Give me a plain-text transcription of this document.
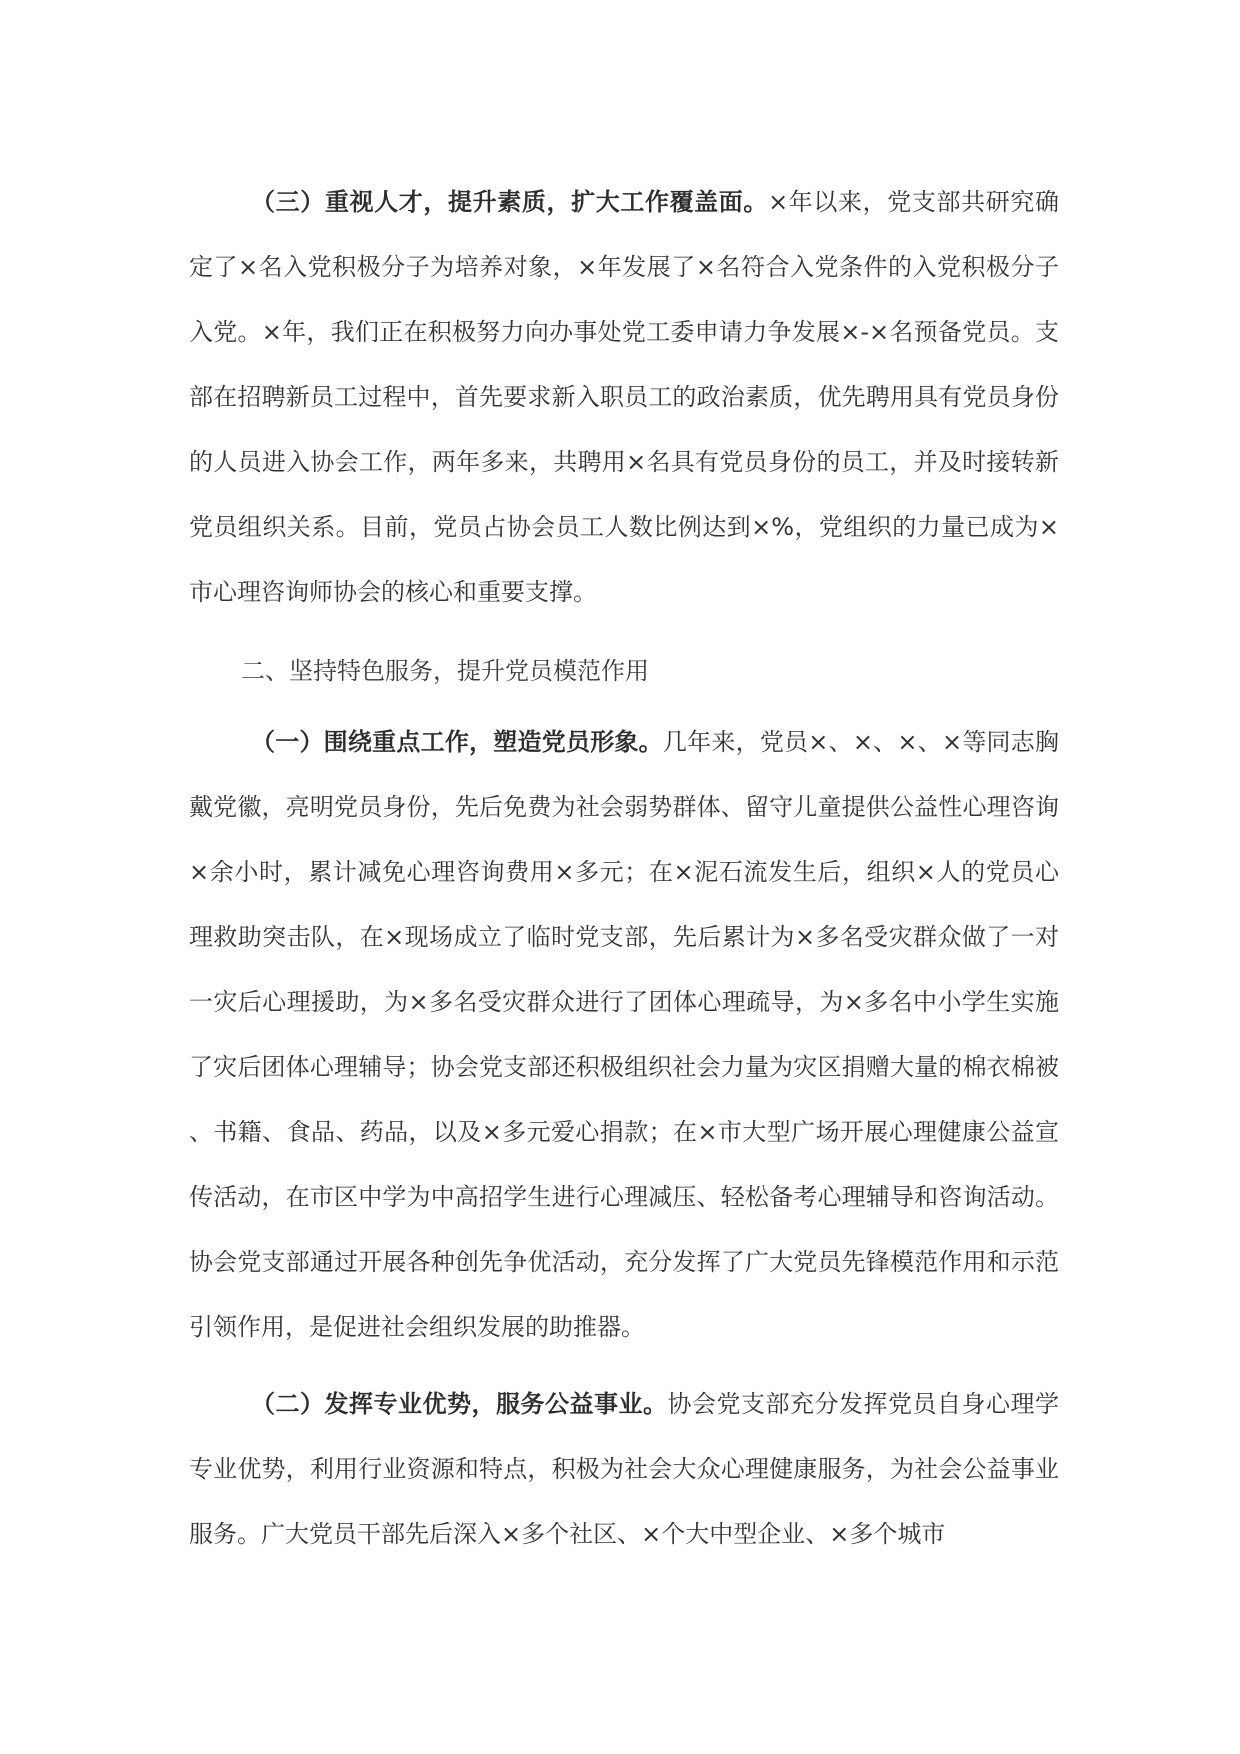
（三）重视人才，提升素质，扩大工作覆盖面。×年以来，党支部共研究确定了×名入党积极分子为培养对象，×年发展了×名符合入党条件的入党积极分子入党。×年，我们正在积极努力向办事处党工委申请力争发展×-×名预备党员。支部在招聘新员工过程中，首先要求新入职员工的政治素质，优先聘用具有党员身份的人员进入协会工作，两年多来，共聘用×名具有党员身份的员工，并及时接转新党员组织关系。目前，党员占协会员工人数比例达到×%，党组织的力量已成为×市心理咨询师协会的核心和重要支撑。

二、坚持特色服务，提升党员模范作用

（一）围绕重点工作，塑造党员形象。几年来，党员×、×、×、×等同志胸戴党徽，亮明党员身份，先后免费为社会弱势群体、留守儿童提供公益性心理咨询×余小时，累计减免心理咨询费用×多元；在×泥石流发生后，组织×人的党员心理救助突击队，在×现场成立了临时党支部，先后累计为×多名受灾群众做了一对一灾后心理援助，为×多名受灾群众进行了团体心理疏导，为×多名中小学生实施了灾后团体心理辅导；协会党支部还积极组织社会力量为灾区捐赠大量的棉衣棉被、书籍、食品、药品，以及×多元爱心捐款；在×市大型广场开展心理健康公益宣传活动，在市区中学为中高招学生进行心理减压、轻松备考心理辅导和咨询活动。协会党支部通过开展各种创先争优活动，充分发挥了广大党员先锋模范作用和示范引领作用，是促进社会组织发展的助推器。

（二）发挥专业优势，服务公益事业。协会党支部充分发挥党员自身心理学专业优势，利用行业资源和特点，积极为社会大众心理健康服务，为社会公益事业服务。广大党员干部先后深入×多个社区、×个大中型企业、×多个城市
